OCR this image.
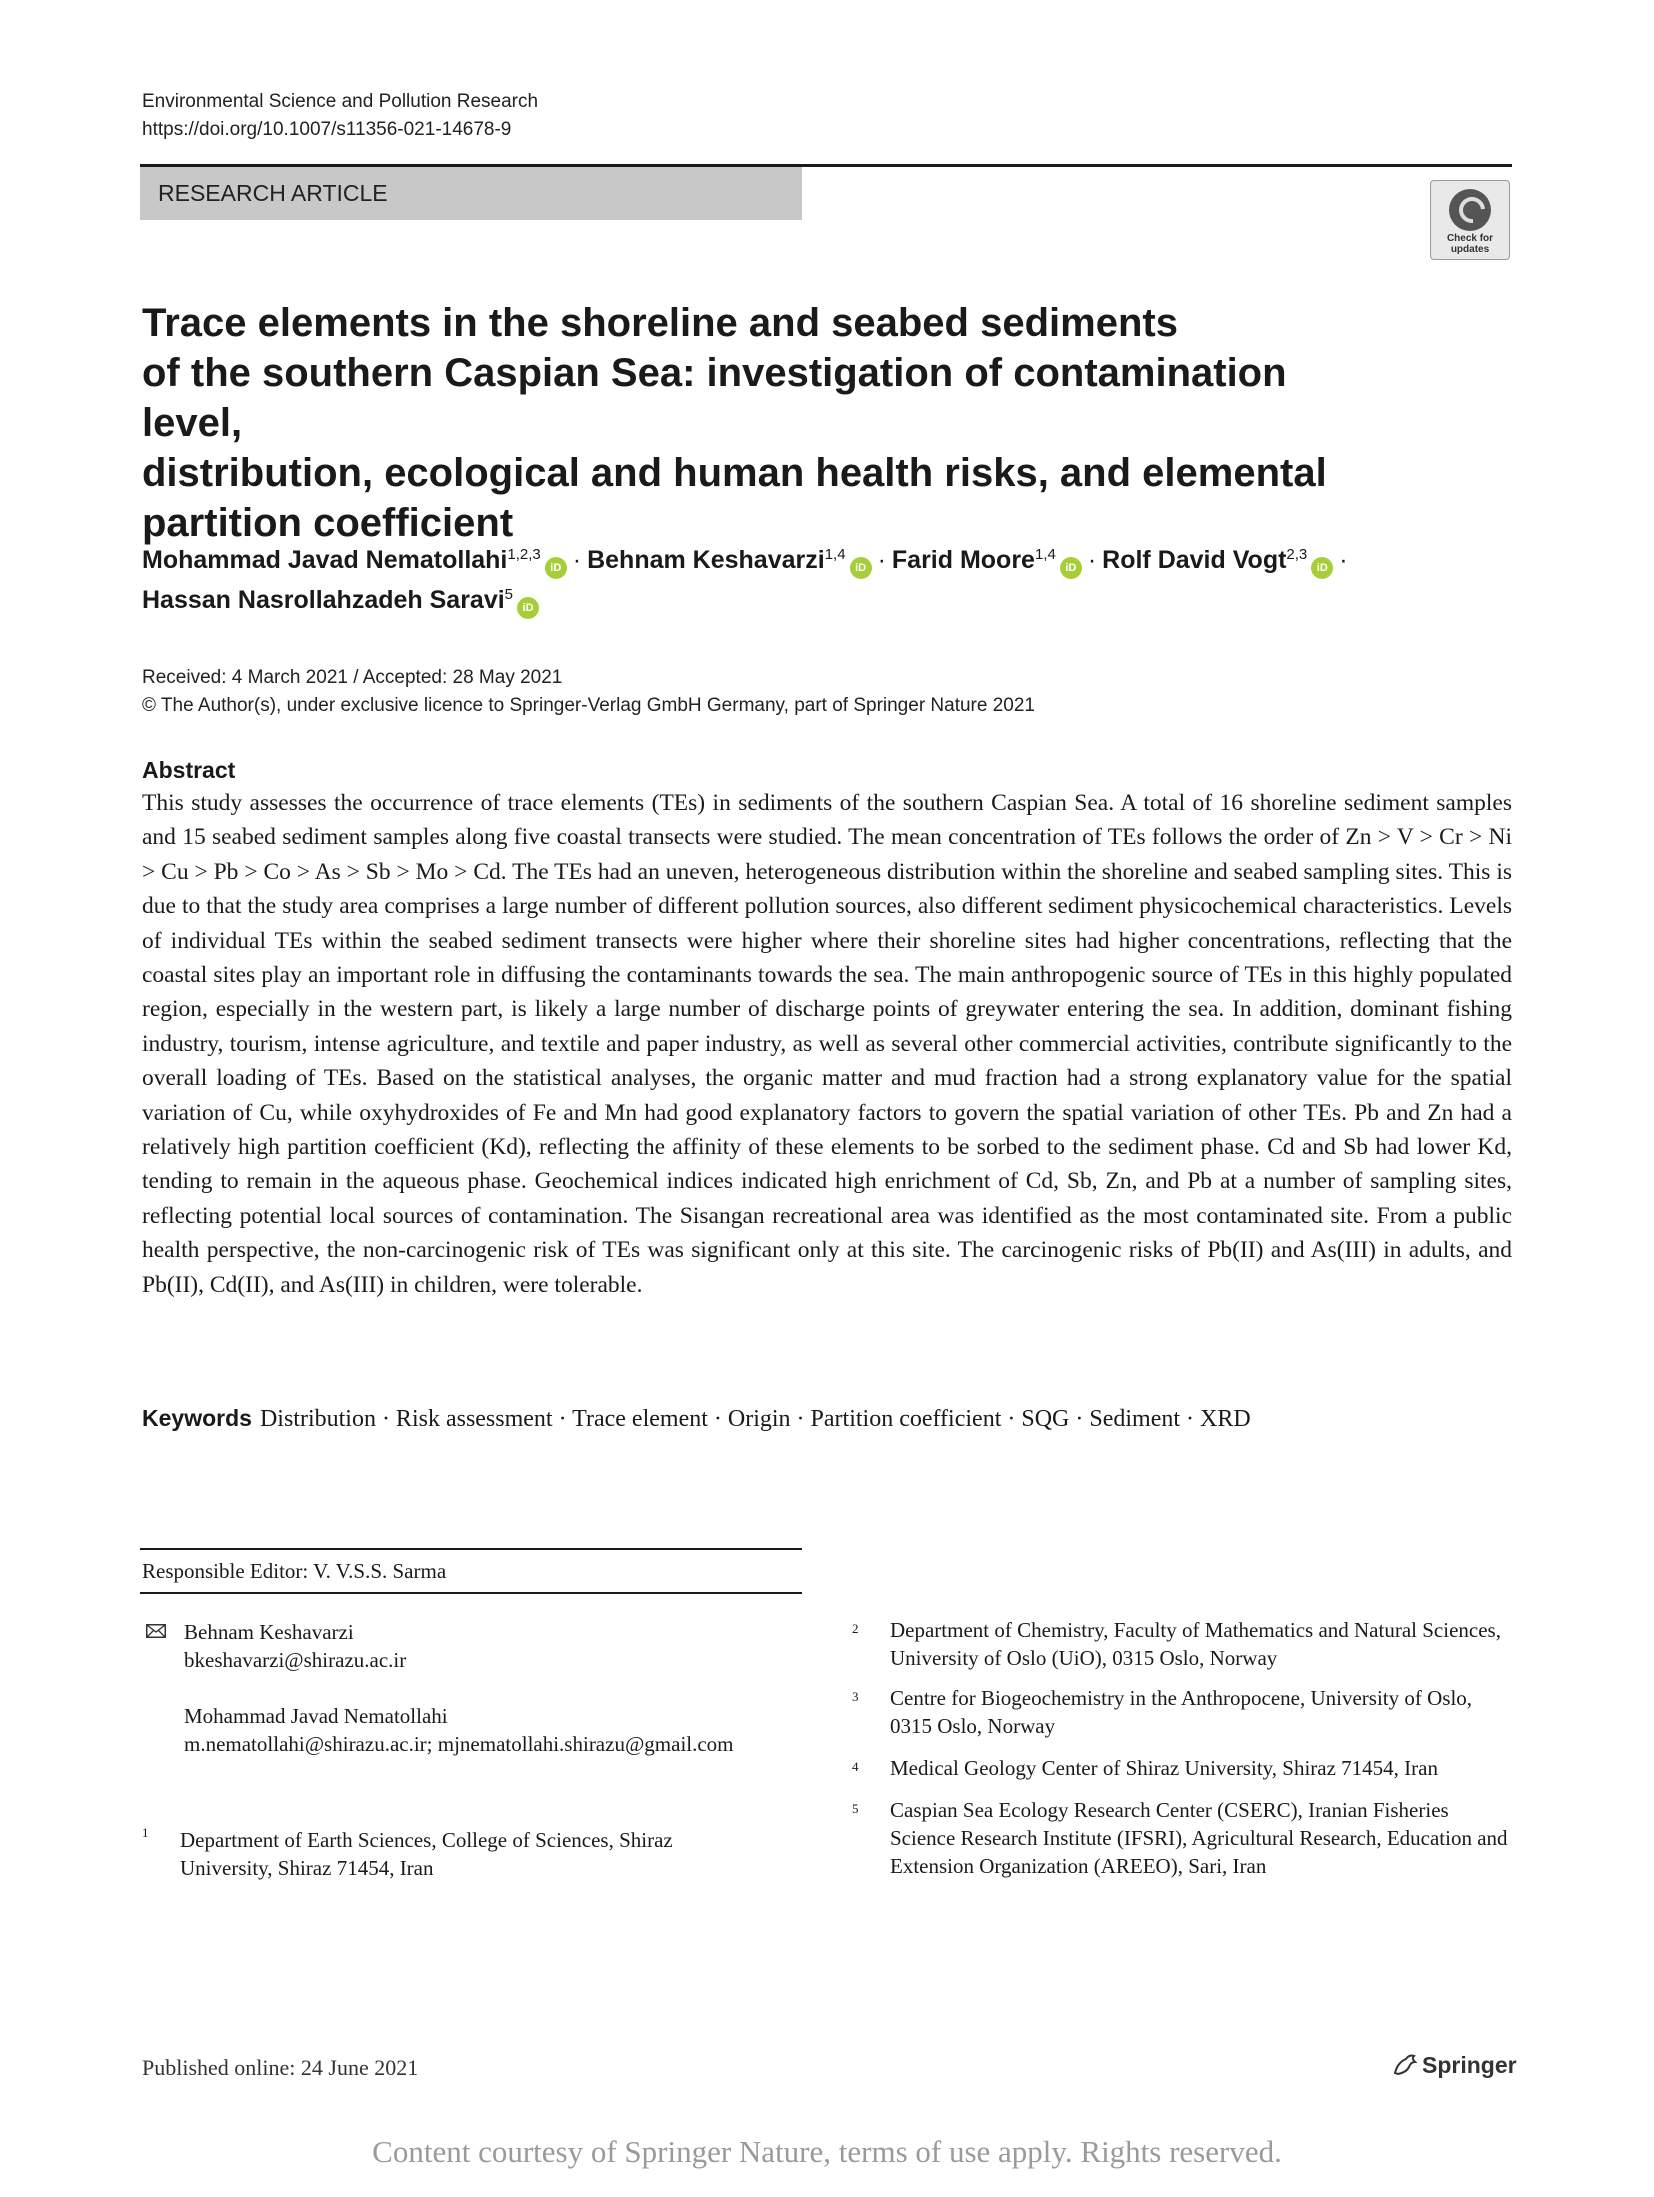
Environmental Science and Pollution Research
https://doi.org/10.1007/s11356-021-14678-9
RESEARCH ARTICLE
Check for
updates
Trace elements in the shoreline and seabed sediments
of the southern Caspian Sea: investigation of contamination level,
distribution, ecological and human health risks, and elemental
partition coefficient
Mohammad Javad Nematollahi$^{1,2,3}$iD · Behnam Keshavarzi$^{1,4}$iD · Farid Moore$^{1,4}$iD · Rolf David Vogt$^{2,3}$iD ·
Hassan Nasrollahzadeh Saravi$^5$iD
Received: 4 March 2021 / Accepted: 28 May 2021
© The Author(s), under exclusive licence to Springer-Verlag GmbH Germany, part of Springer Nature 2021
Abstract
This study assesses the occurrence of trace elements (TEs) in sediments of the southern Caspian Sea. A total of 16 shoreline sediment samples and 15 seabed sediment samples along five coastal transects were studied. The mean concentration of TEs follows the order of Zn > V > Cr > Ni > Cu > Pb > Co > As > Sb > Mo > Cd. The TEs had an uneven, heterogeneous distribution within the shoreline and seabed sampling sites. This is due to that the study area comprises a large number of different pollution sources, also different sediment physicochemical characteristics. Levels of individual TEs within the seabed sediment transects were higher where their shoreline sites had higher concentrations, reflecting that the coastal sites play an important role in diffusing the contaminants towards the sea. The main anthropogenic source of TEs in this highly populated region, especially in the western part, is likely a large number of discharge points of greywater entering the sea. In addition, dominant fishing industry, tourism, intense agriculture, and textile and paper industry, as well as several other commercial activities, contribute significantly to the overall loading of TEs. Based on the statistical analyses, the organic matter and mud fraction had a strong explanatory value for the spatial variation of Cu, while oxyhydroxides of Fe and Mn had good explanatory factors to govern the spatial variation of other TEs. Pb and Zn had a relatively high partition coefficient (Kd), reflecting the affinity of these elements to be sorbed to the sediment phase. Cd and Sb had lower Kd, tending to remain in the aqueous phase. Geochemical indices indicated high enrichment of Cd, Sb, Zn, and Pb at a number of sampling sites, reflecting potential local sources of contamination. The Sisangan recreational area was identified as the most contaminated site. From a public health perspective, the non-carcinogenic risk of TEs was significant only at this site. The carcinogenic risks of Pb(II) and As(III) in adults, and Pb(II), Cd(II), and As(III) in children, were tolerable.
Keywords Distribution · Risk assessment · Trace element · Origin · Partition coefficient · SQG · Sediment · XRD
Responsible Editor: V. V.S.S. Sarma
Behnam Keshavarzi
bkeshavarzi@shirazu.ac.ir
Mohammad Javad Nematollahi
m.nematollahi@shirazu.ac.ir; mjnematollahi.shirazu@gmail.com
1 Department of Earth Sciences, College of Sciences, Shiraz University, Shiraz 71454, Iran
2 Department of Chemistry, Faculty of Mathematics and Natural Sciences, University of Oslo (UiO), 0315 Oslo, Norway
3 Centre for Biogeochemistry in the Anthropocene, University of Oslo, 0315 Oslo, Norway
4 Medical Geology Center of Shiraz University, Shiraz 71454, Iran
5 Caspian Sea Ecology Research Center (CSERC), Iranian Fisheries Science Research Institute (IFSRI), Agricultural Research, Education and Extension Organization (AREEO), Sari, Iran
Published online: 24 June 2021	Springer
Content courtesy of Springer Nature, terms of use apply. Rights reserved.
